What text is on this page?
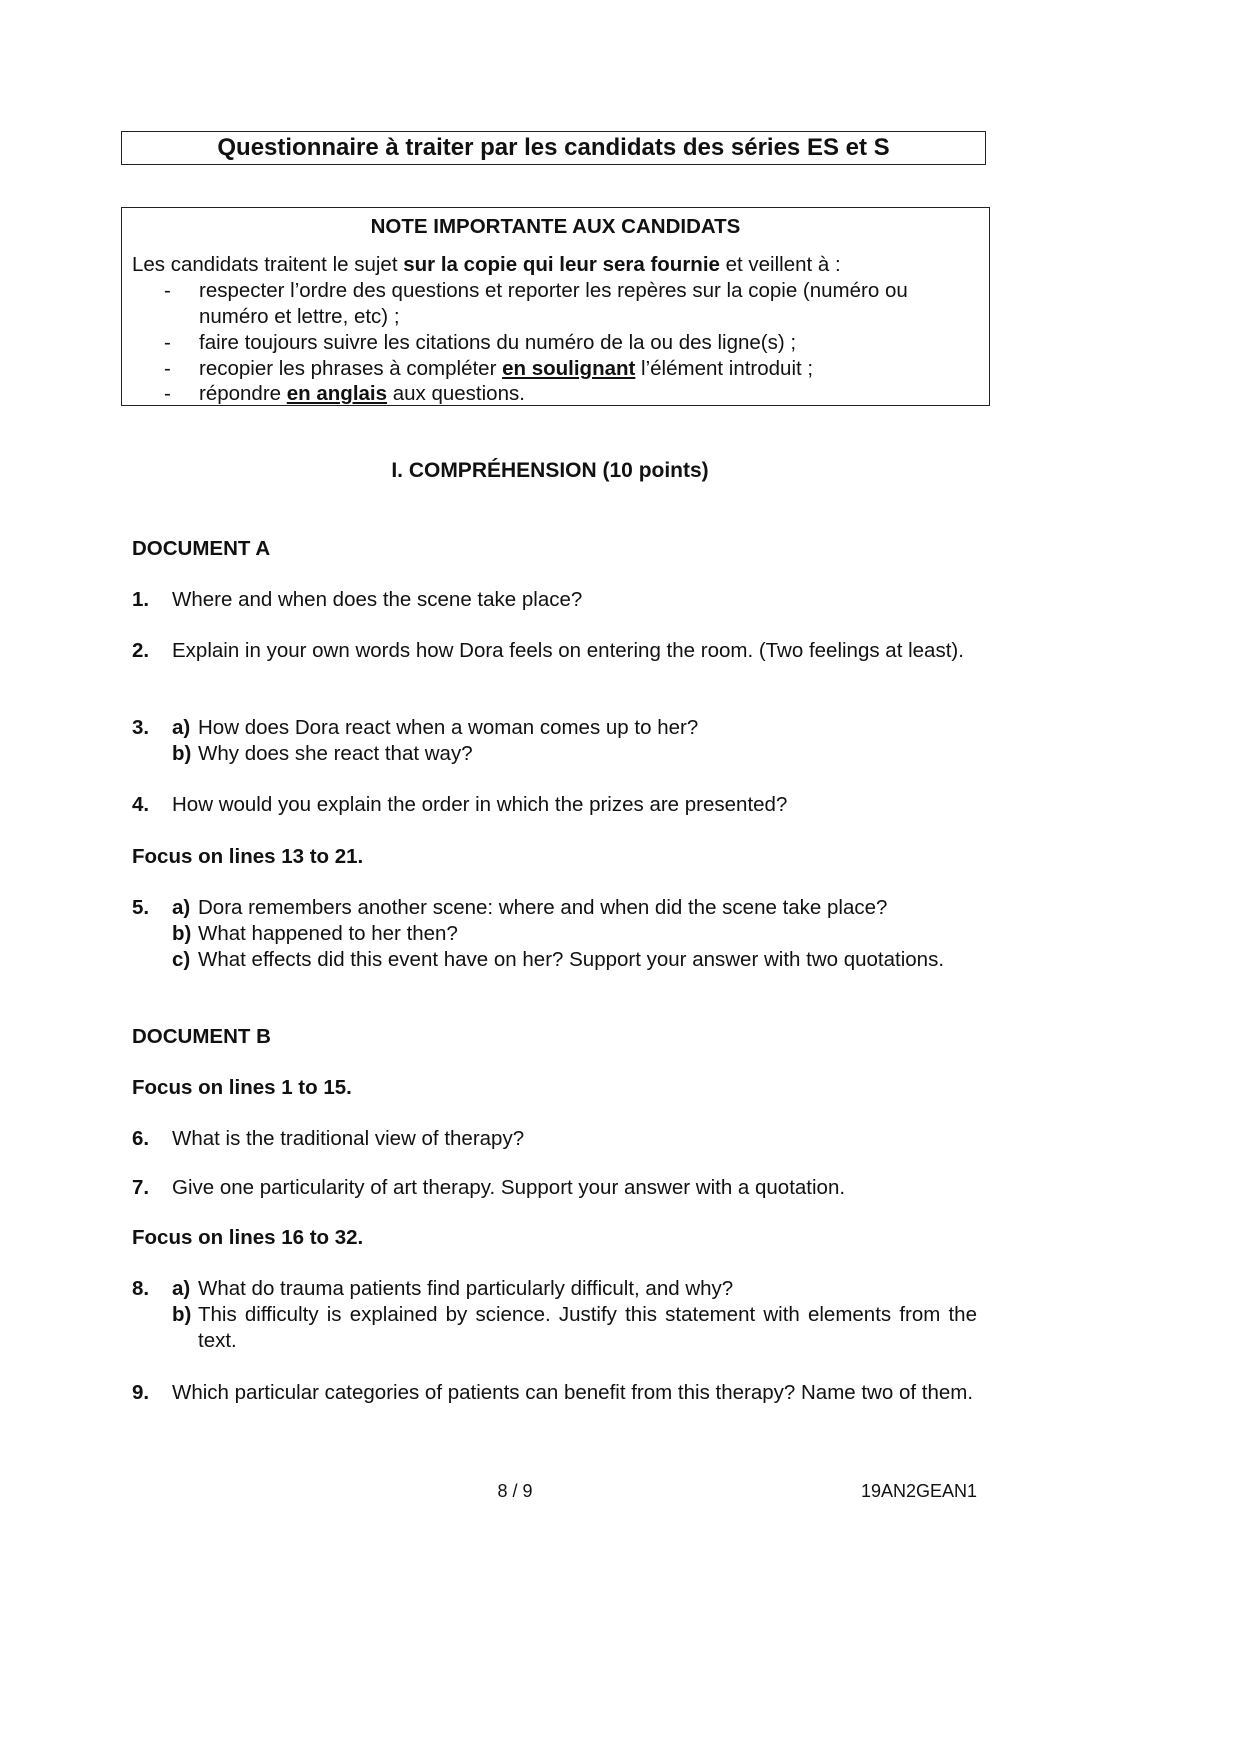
Questionnaire à traiter par les candidats des séries ES et S
NOTE IMPORTANTE AUX CANDIDATS
Les candidats traitent le sujet sur la copie qui leur sera fournie et veillent à :
- respecter l’ordre des questions et reporter les repères sur la copie (numéro ou numéro et lettre, etc) ;
- faire toujours suivre les citations du numéro de la ou des ligne(s) ;
- recopier les phrases à compléter en soulignant l’élément introduit ;
- répondre en anglais aux questions.
I. COMPRÉHENSION (10 points)
DOCUMENT A
1. Where and when does the scene take place?
2. Explain in your own words how Dora feels on entering the room. (Two feelings at least).
3. a) How does Dora react when a woman comes up to her?
b) Why does she react that way?
4. How would you explain the order in which the prizes are presented?
Focus on lines 13 to 21.
5. a) Dora remembers another scene: where and when did the scene take place?
b) What happened to her then?
c) What effects did this event have on her? Support your answer with two quotations.
DOCUMENT B
Focus on lines 1 to 15.
6. What is the traditional view of therapy?
7. Give one particularity of art therapy. Support your answer with a quotation.
Focus on lines 16 to 32.
8. a) What do trauma patients find particularly difficult, and why?
b) This difficulty is explained by science. Justify this statement with elements from the text.
9. Which particular categories of patients can benefit from this therapy? Name two of them.
8 / 9	19AN2GEAN1
